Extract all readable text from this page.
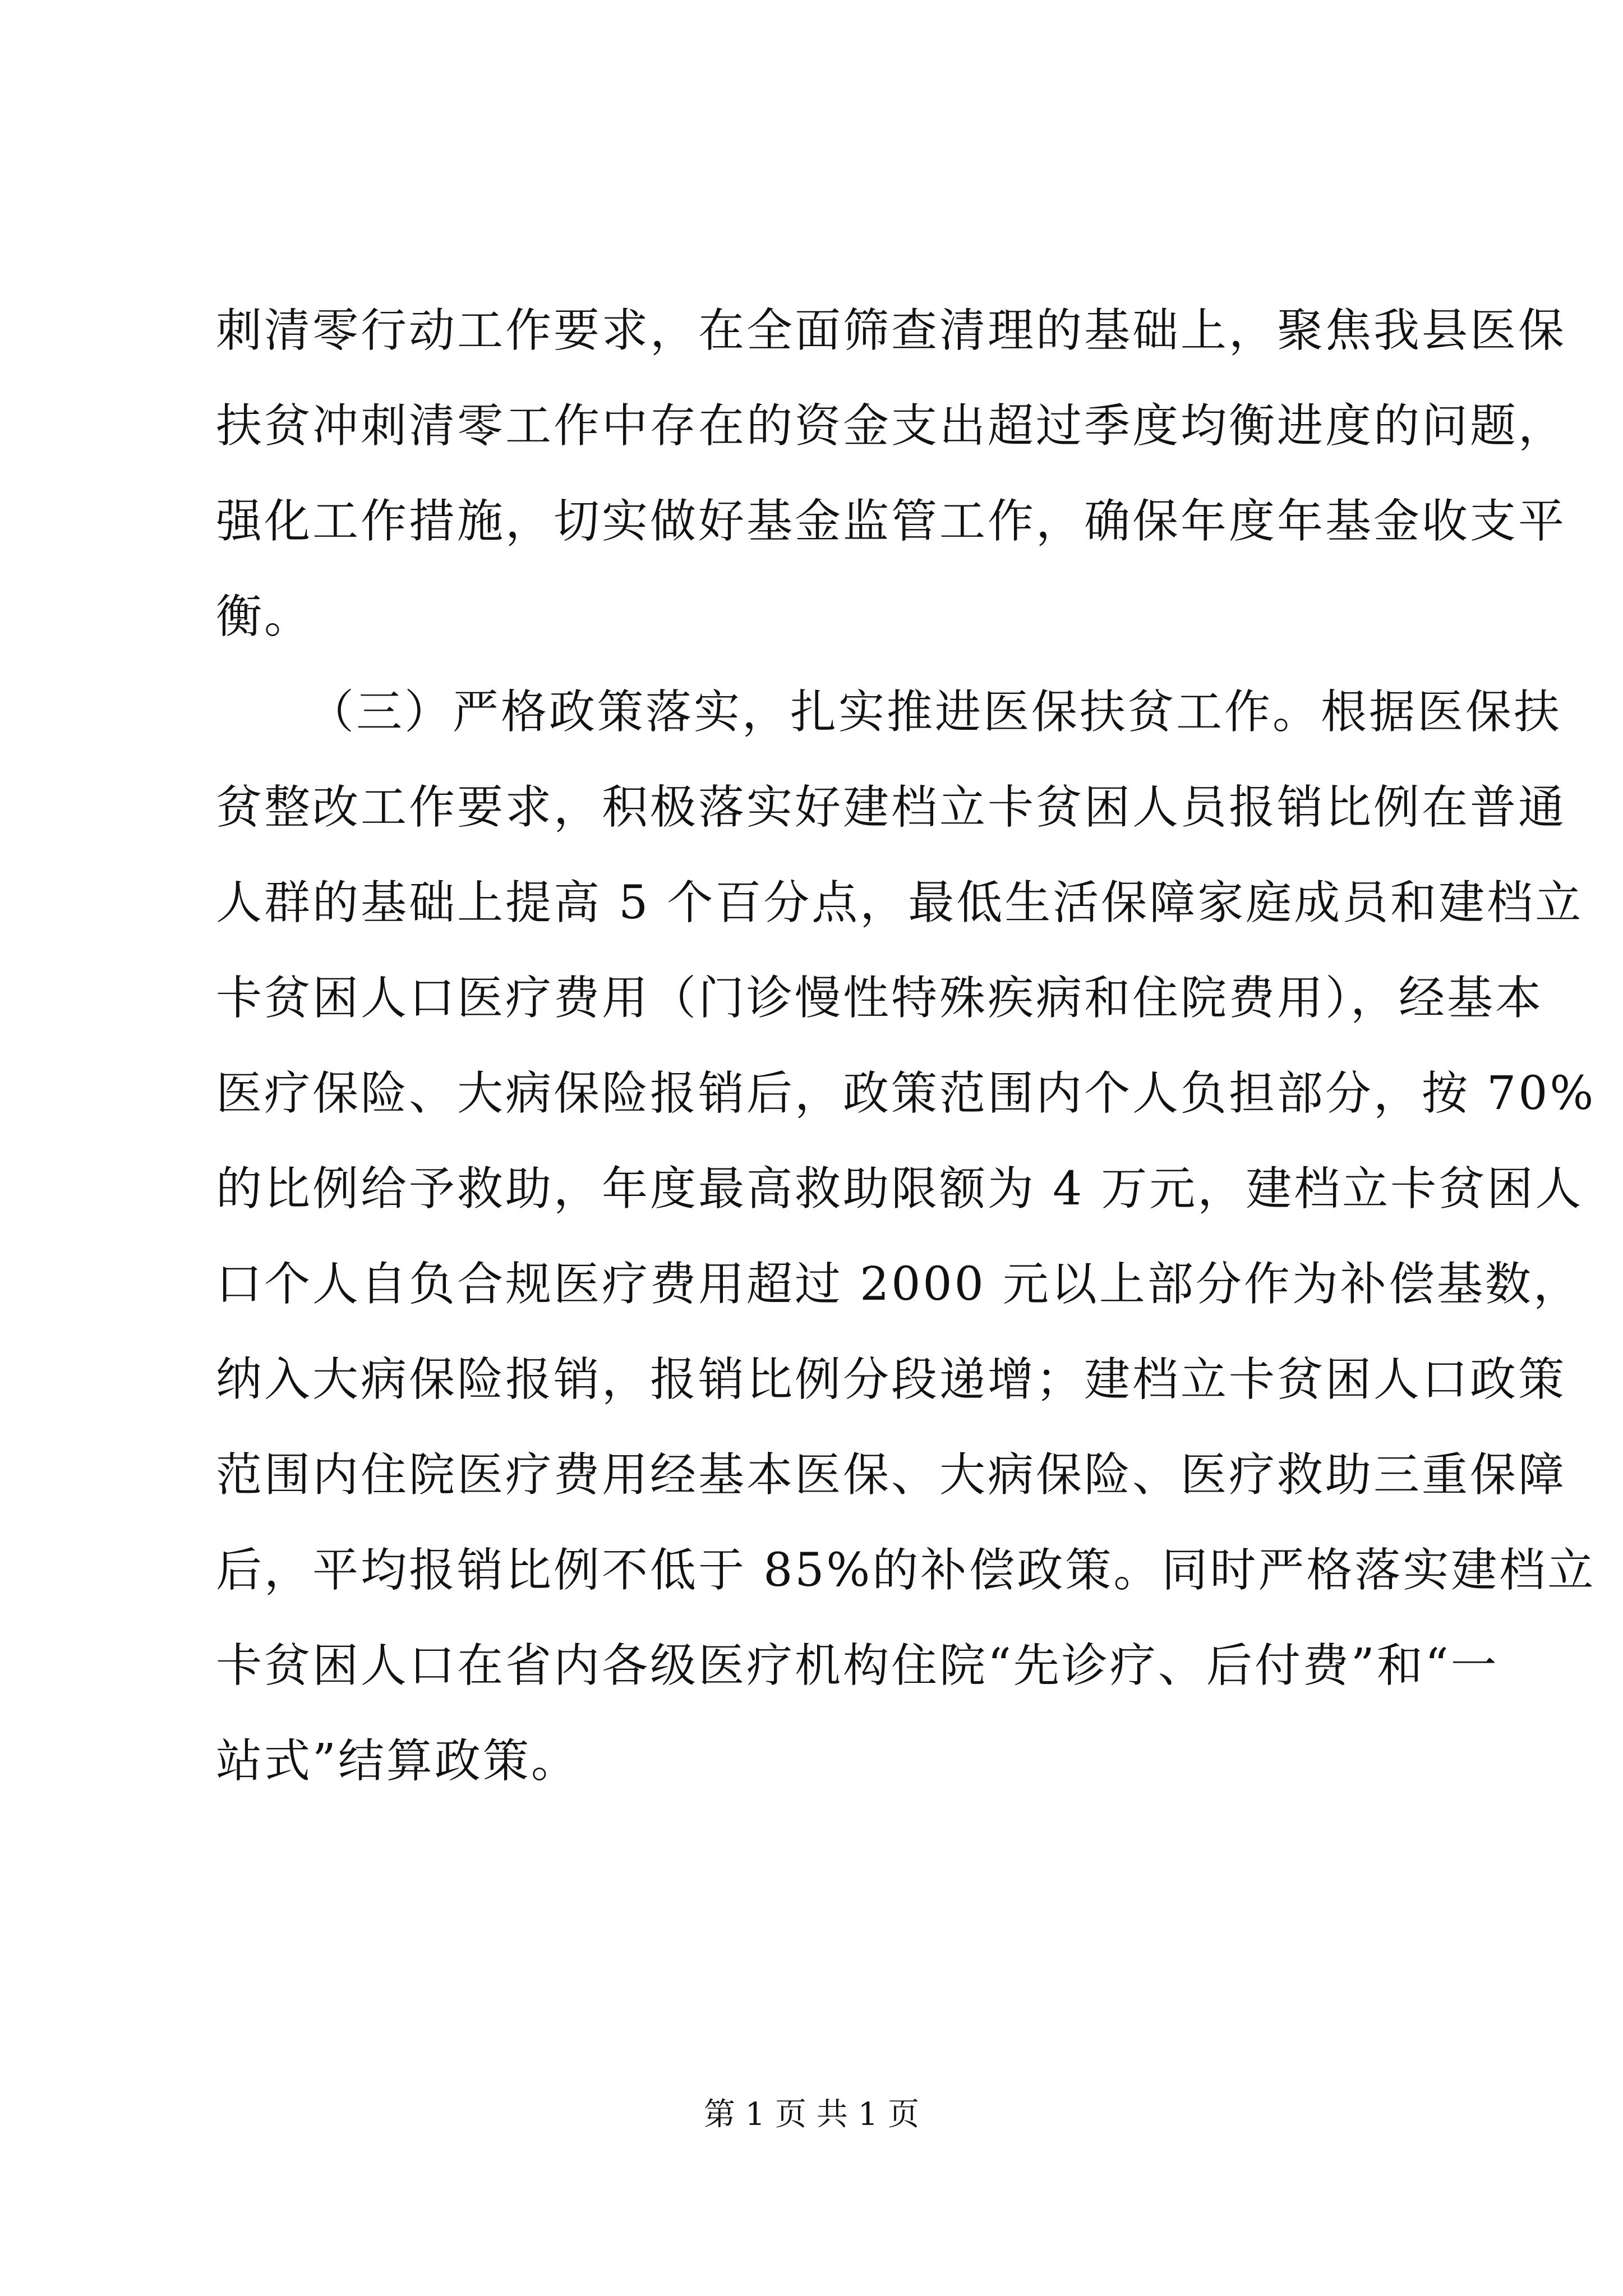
刺清零行动工作要求，在全面筛查清理的基础上，聚焦我县医保
扶贫冲刺清零工作中存在的资金支出超过季度均衡进度的问题，
强化工作措施，切实做好基金监管工作，确保年度年基金收支平
衡。
（三）严格政策落实，扎实推进医保扶贫工作。根据医保扶
贫整改工作要求，积极落实好建档立卡贫困人员报销比例在普通
人群的基础上提高 5 个百分点，最低生活保障家庭成员和建档立
卡贫困人口医疗费用（门诊慢性特殊疾病和住院费用），经基本
医疗保险、大病保险报销后，政策范围内个人负担部分，按 70%
的比例给予救助，年度最高救助限额为 4 万元，建档立卡贫困人
口个人自负合规医疗费用超过 2000 元以上部分作为补偿基数，
纳入大病保险报销，报销比例分段递增；建档立卡贫困人口政策
范围内住院医疗费用经基本医保、大病保险、医疗救助三重保障
后，平均报销比例不低于 85%的补偿政策。同时严格落实建档立
卡贫困人口在省内各级医疗机构住院“先诊疗、后付费”和“一
站式”结算政策。
第 1 页 共 1 页
